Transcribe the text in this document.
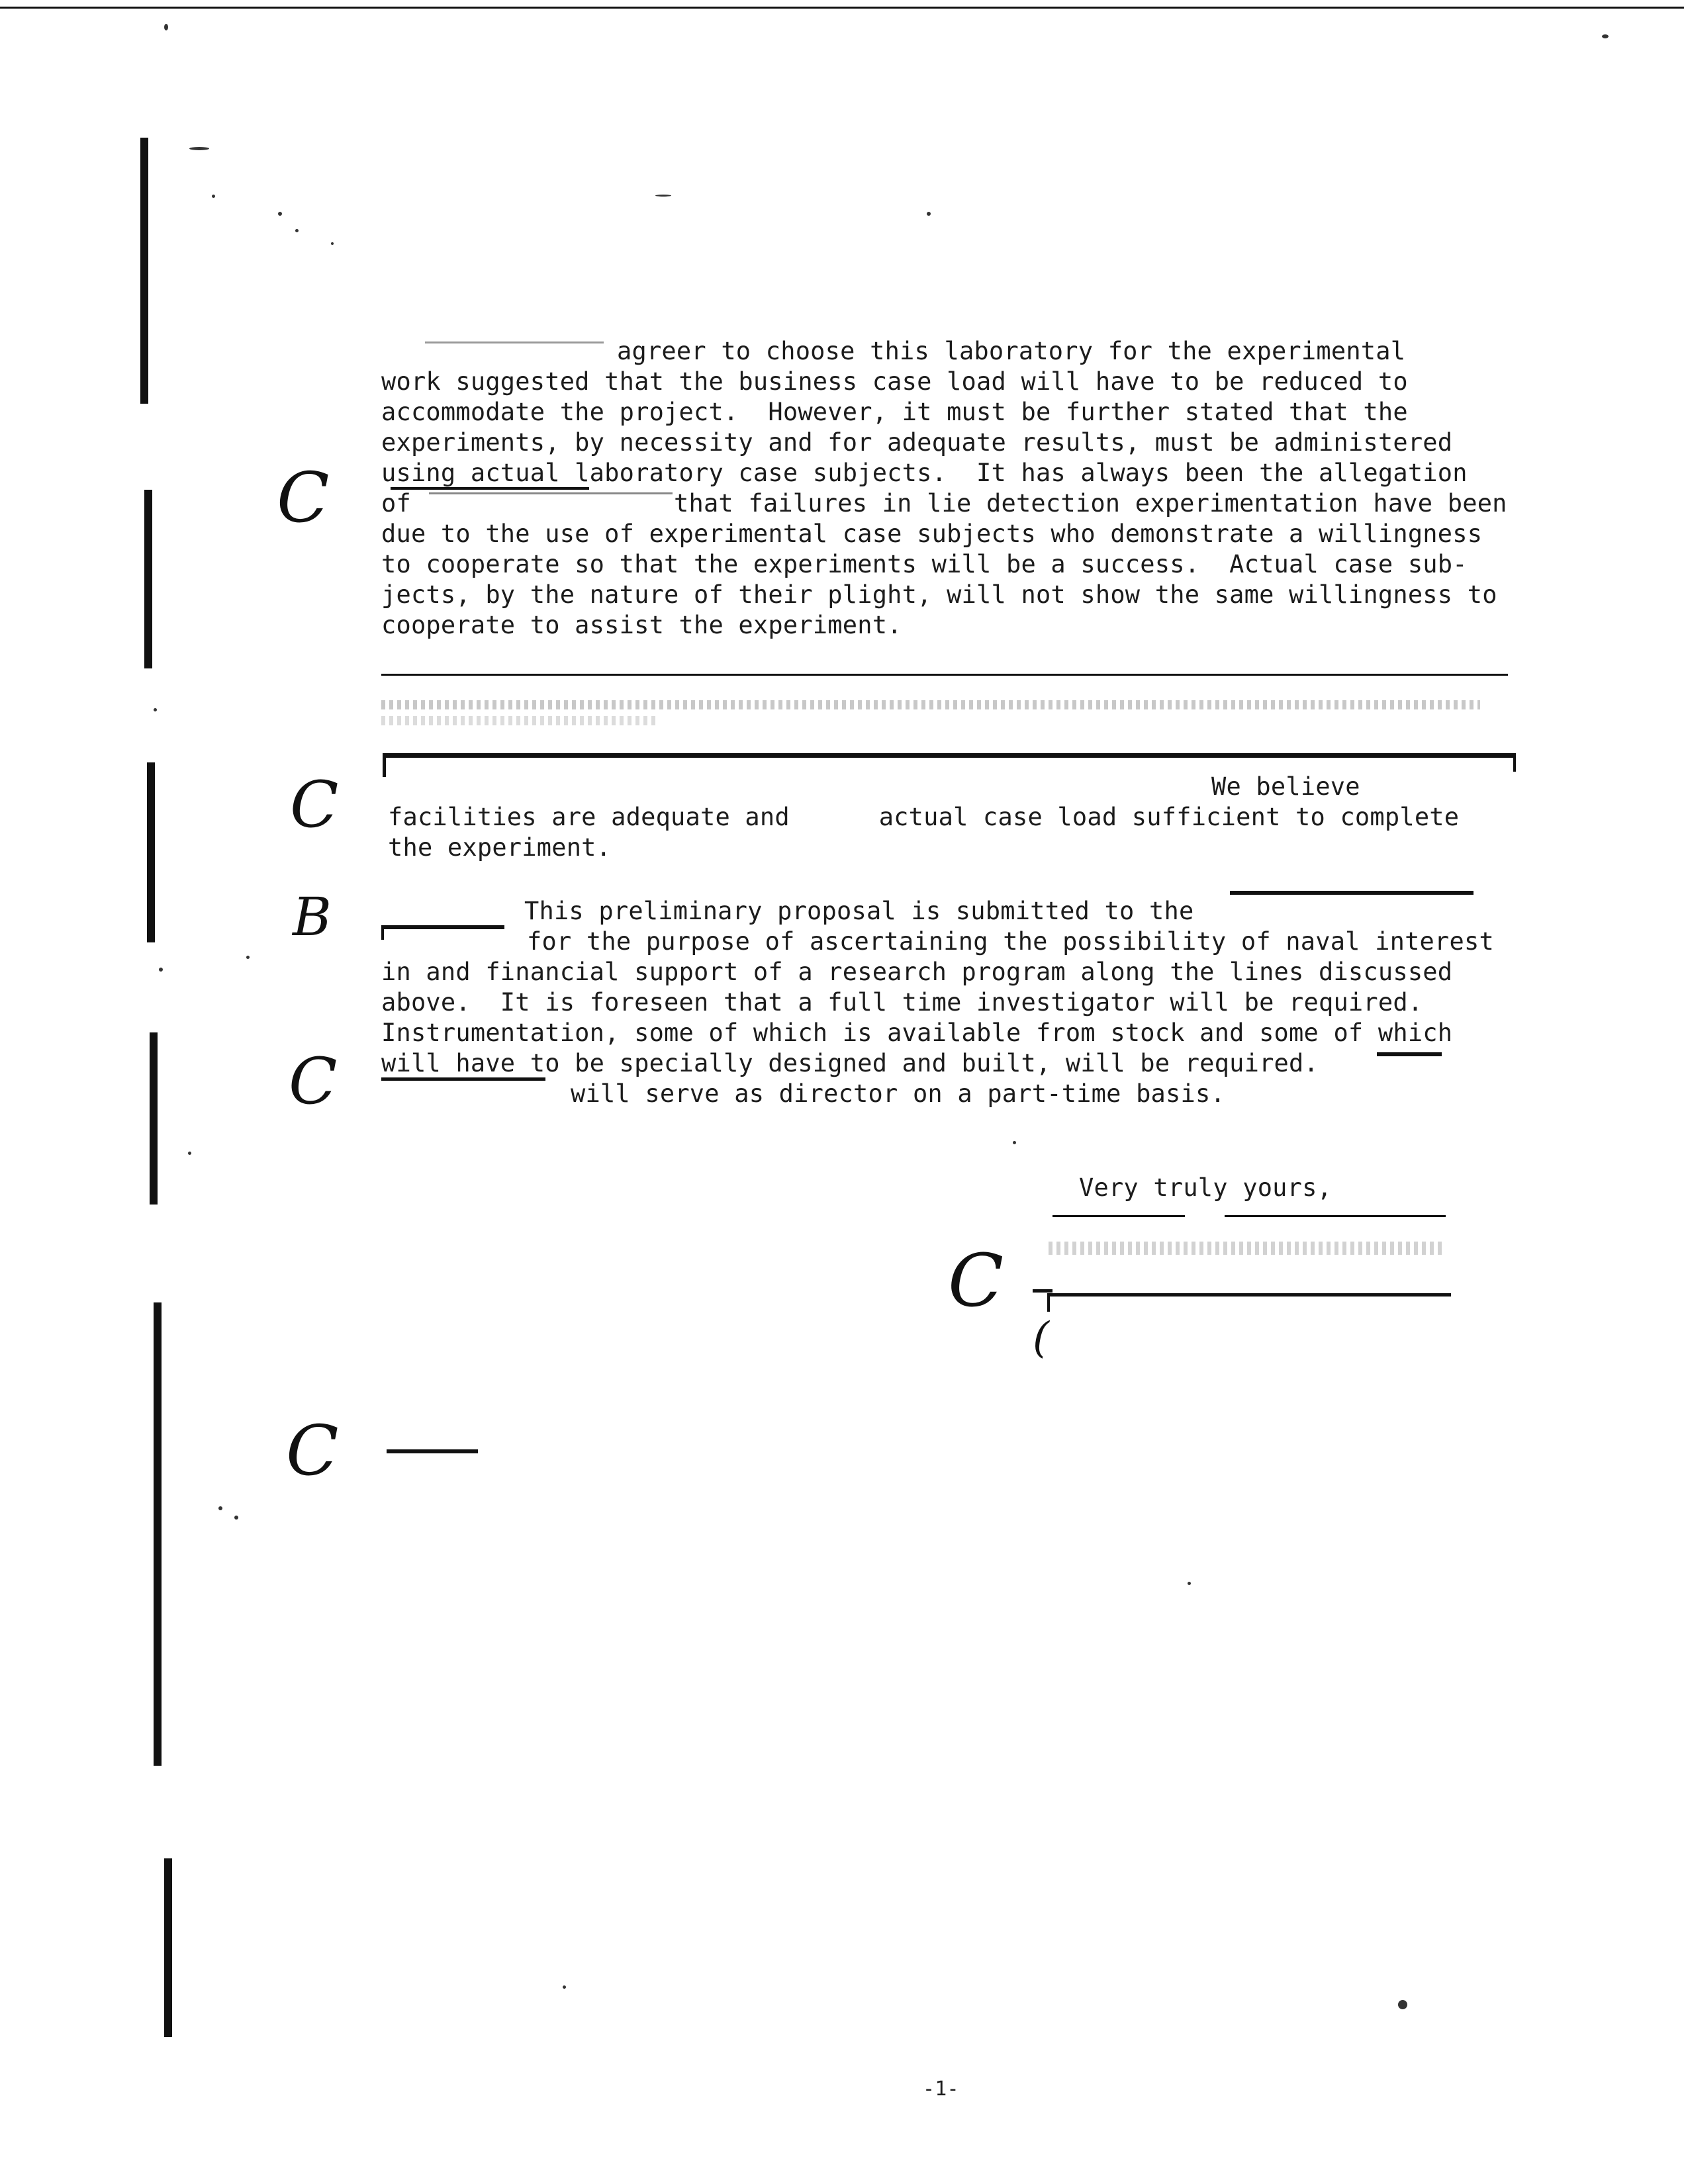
agreer to choose this laboratory for the experimental
work suggested that the business case load will have to be reduced to
accommodate the project.  However, it must be further stated that the
experiments, by necessity and for adequate results, must be administered
using actual laboratory case subjects.  It has always been the allegation
of	that failures in lie detection experimentation have been
due to the use of experimental case subjects who demonstrate a willingness
to cooperate so that the experiments will be a success.  Actual case sub-
jects, by the nature of their plight, will not show the same willingness to
cooperate to assist the experiment.
We believe
facilities are adequate and      actual case load sufficient to complete
the experiment.
This preliminary proposal is submitted to the
for the purpose of ascertaining the possibility of naval interest
in and financial support of a research program along the lines discussed
above.  It is foreseen that a full time investigator will be required.
Instrumentation, some of which is available from stock and some of which
will have to be specially designed and built, will be required.
will serve as director on a part-time basis.
Very truly yours,
C
C
B
C
C
(
C
-1-
